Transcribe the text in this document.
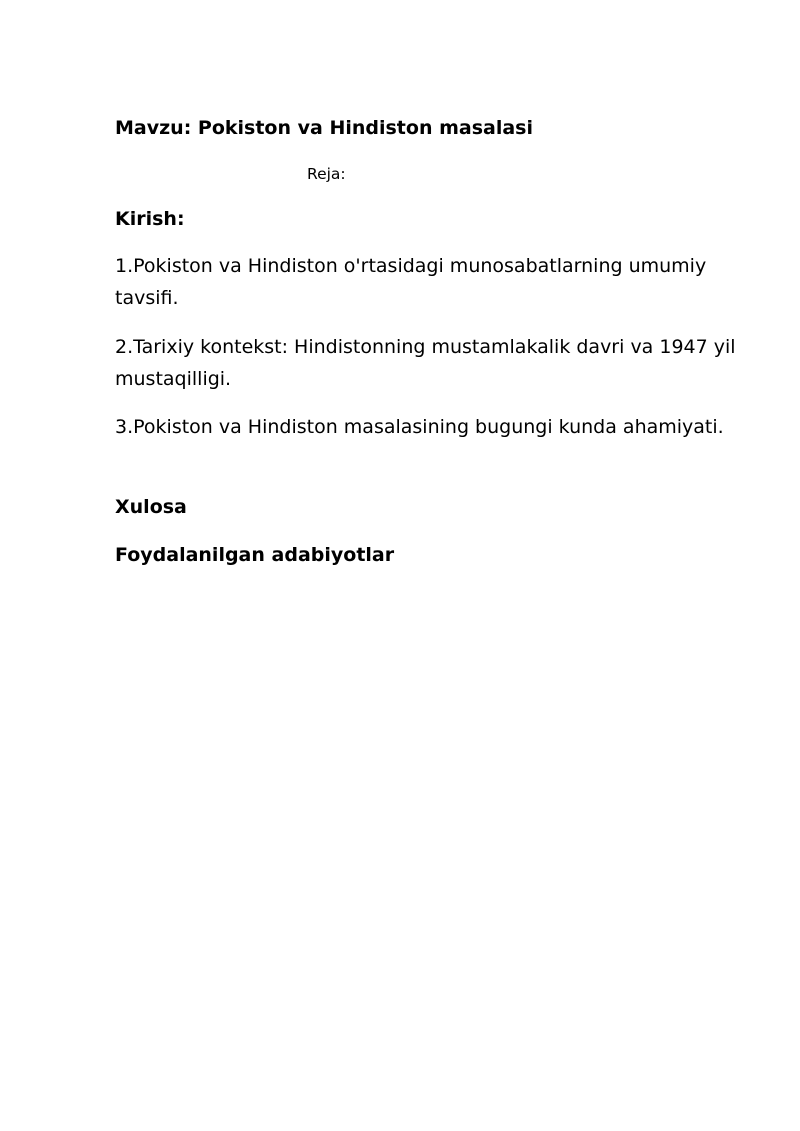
Mavzu: Pokiston va Hindiston masalasi
Reja:
Kirish:
1.Pokiston va Hindiston o'rtasidagi munosabatlarning umumiy tavsifi.
2.Tarixiy kontekst: Hindistonning mustamlakalik davri va 1947 yil mustaqilligi.
3.Pokiston va Hindiston masalasining bugungi kunda ahamiyati.
Xulosa
Foydalanilgan adabiyotlar
